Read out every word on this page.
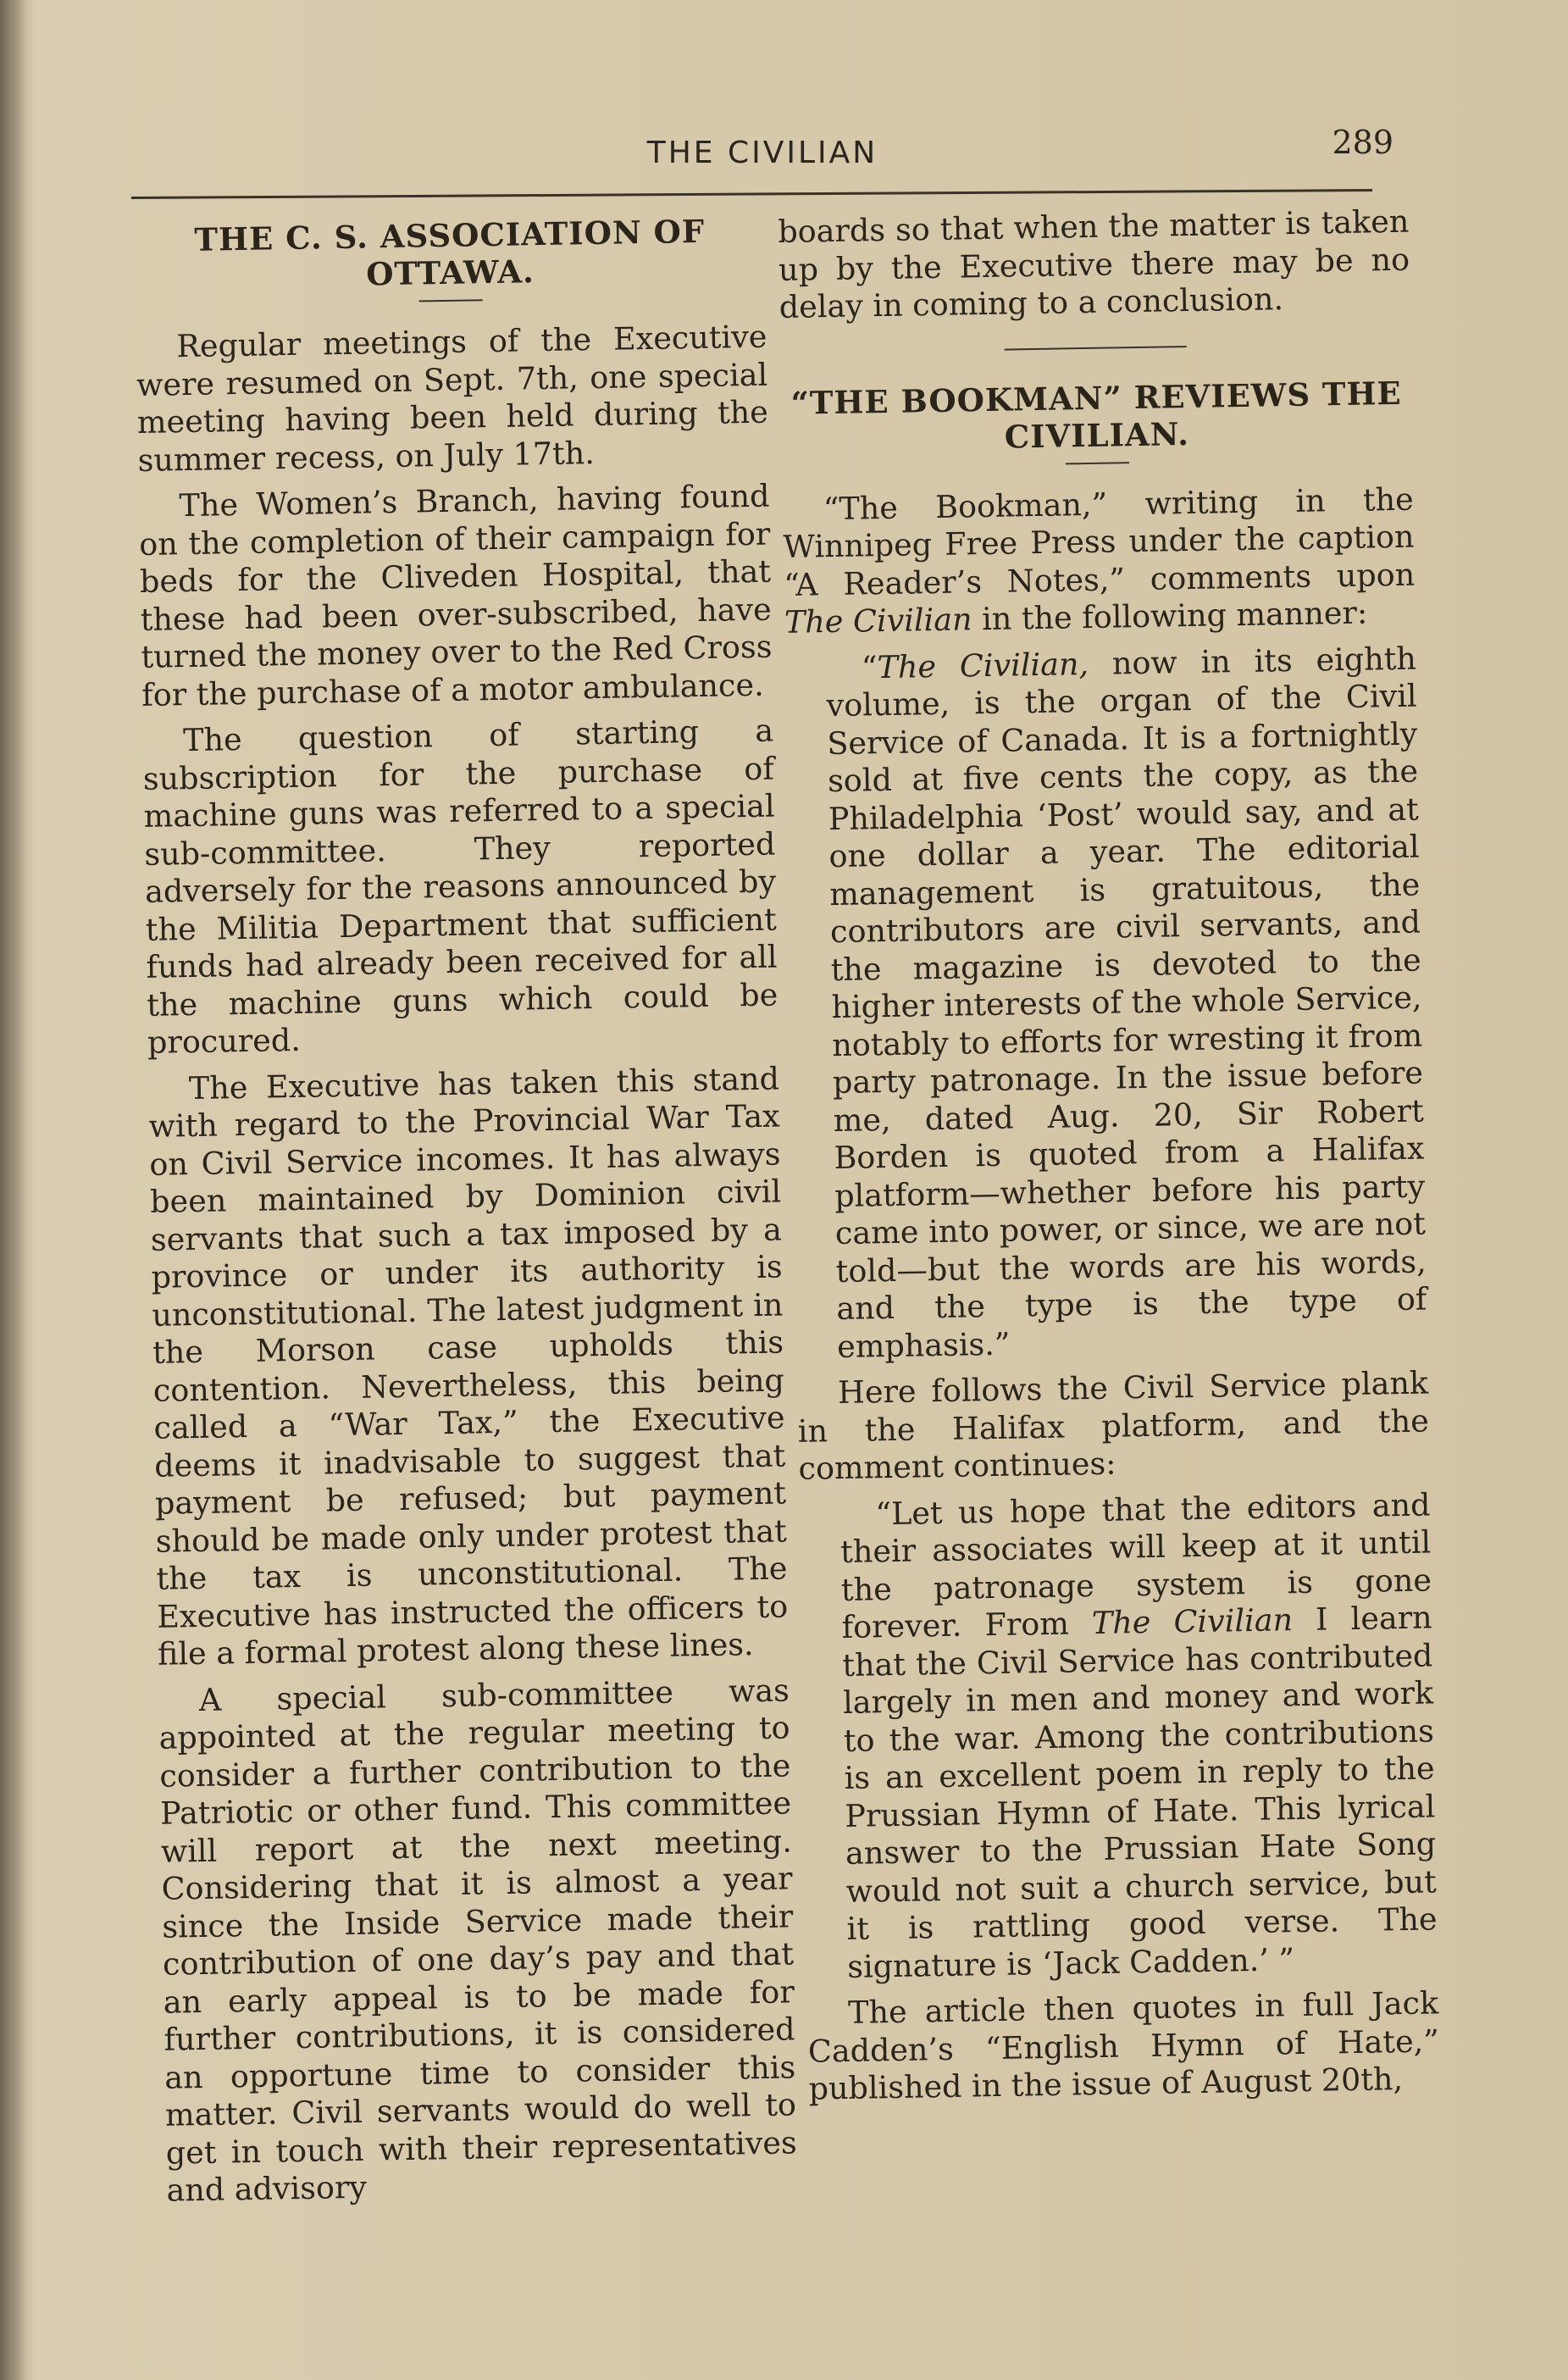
THE CIVILIAN	289
THE C. S. ASSOCIATION OF OTTAWA.

Regular meetings of the Executive were resumed on Sept. 7th, one special meeting having been held during the summer recess, on July 17th.

The Women’s Branch, having found on the completion of their campaign for beds for the Cliveden Hospital, that these had been over-subscribed, have turned the money over to the Red Cross for the purchase of a motor ambulance.

The question of starting a subscription for the purchase of machine guns was referred to a special sub-committee. They reported adversely for the reasons announced by the Militia Department that sufficient funds had already been received for all the machine guns which could be procured.

The Executive has taken this stand with regard to the Provincial War Tax on Civil Service incomes. It has always been maintained by Dominion civil servants that such a tax imposed by a province or under its authority is unconstitutional. The latest judgment in the Morson case upholds this contention. Nevertheless, this being called a “War Tax,” the Executive deems it inadvisable to suggest that payment be refused; but payment should be made only under protest that the tax is unconstitutional. The Executive has instructed the officers to file a formal protest along these lines.

A special sub-committee was appointed at the regular meeting to consider a further contribution to the Patriotic or other fund. This committee will report at the next meeting. Considering that it is almost a year since the Inside Service made their contribution of one day’s pay and that an early appeal is to be made for further contributions, it is considered an opportune time to consider this matter. Civil servants would do well to get in touch with their representatives and advisory

boards so that when the matter is taken up by the Executive there may be no delay in coming to a conclusion.

“THE BOOKMAN” REVIEWS THE CIVILIAN.

“The Bookman,” writing in the Winnipeg Free Press under the caption “A Reader’s Notes,” comments upon The Civilian in the following manner:

“The Civilian, now in its eighth volume, is the organ of the Civil Service of Canada. It is a fortnightly sold at five cents the copy, as the Philadelphia ‘Post’ would say, and at one dollar a year. The editorial management is gratuitous, the contributors are civil servants, and the magazine is devoted to the higher interests of the whole Service, notably to efforts for wresting it from party patronage. In the issue before me, dated Aug. 20, Sir Robert Borden is quoted from a Halifax platform—whether before his party came into power, or since, we are not told—but the words are his words, and the type is the type of emphasis.”

Here follows the Civil Service plank in the Halifax platform, and the comment continues:

“Let us hope that the editors and their associates will keep at it until the patronage system is gone forever. From The Civilian I learn that the Civil Service has contributed largely in men and money and work to the war. Among the contributions is an excellent poem in reply to the Prussian Hymn of Hate. This lyrical answer to the Prussian Hate Song would not suit a church service, but it is rattling good verse. The signature is ‘Jack Cadden.’ ”

The article then quotes in full Jack Cadden’s “English Hymn of Hate,” published in the issue of August 20th,
